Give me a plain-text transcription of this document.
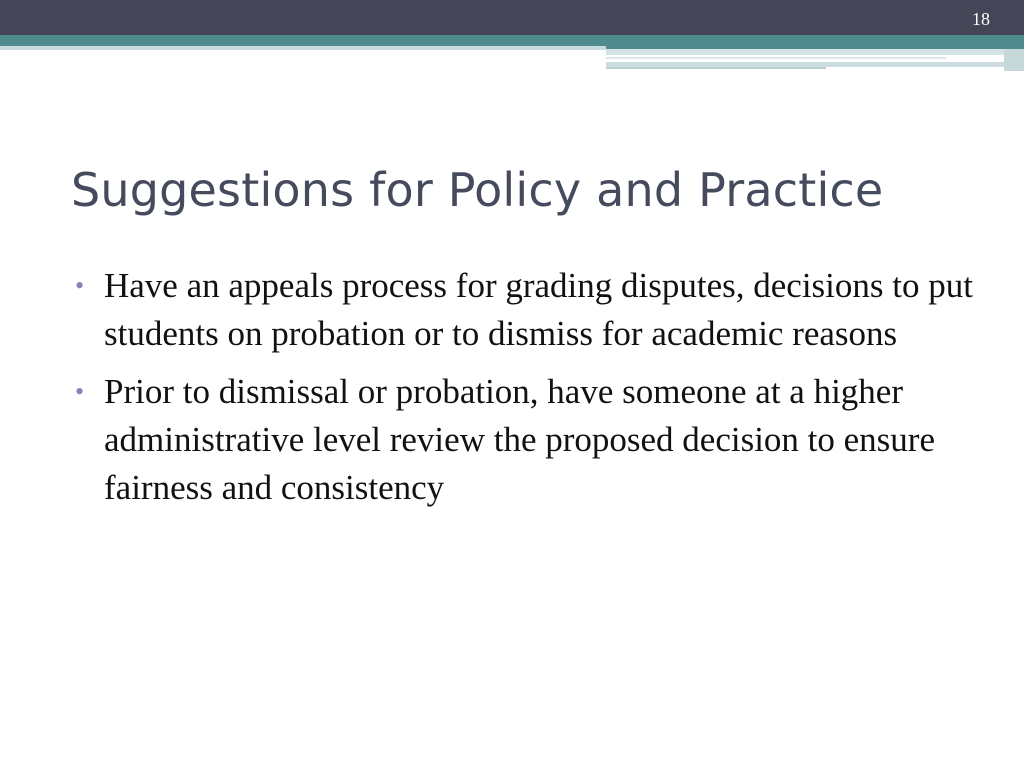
18
Suggestions for Policy and Practice
• Have an appeals process for grading disputes, decisions to put students on probation or to dismiss for academic reasons
• Prior to dismissal or probation, have someone at a higher administrative level review the proposed decision to ensure fairness and consistency
